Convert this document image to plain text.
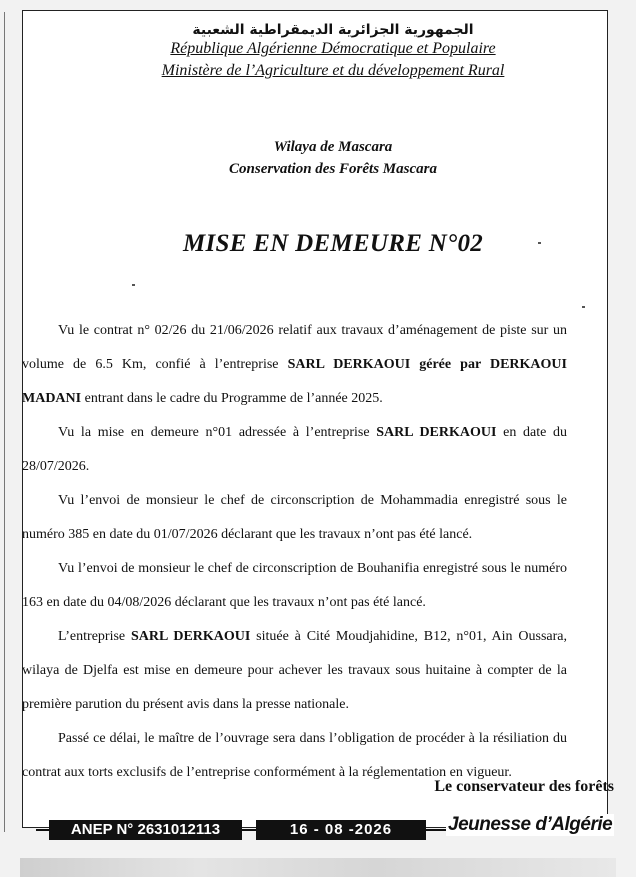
الجمهورية الجزائرية الديمقراطية الشعبية
République Algérienne Démocratique et Populaire
Ministère de l’Agriculture et du développement Rural
Wilaya de Mascara
Conservation des Forêts Mascara
MISE EN DEMEURE N°02

Vu le contrat n° 02/26 du 21/06/2026 relatif aux travaux d’aménagement de piste sur un volume de 6.5 Km, confié à l’entreprise SARL DERKAOUI gérée par DERKAOUI MADANI entrant dans le cadre du Programme de l’année 2025.

Vu la mise en demeure n°01 adressée à l’entreprise SARL DERKAOUI en date du 28/07/2026.

Vu l’envoi de monsieur le chef de circonscription de Mohammadia enregistré sous le numéro 385 en date du 01/07/2026 déclarant que les travaux n’ont pas été lancé.

Vu l’envoi de monsieur le chef de circonscription de Bouhanifia enregistré sous le numéro 163 en date du 04/08/2026 déclarant que les travaux n’ont pas été lancé.

L’entreprise SARL DERKAOUI située à Cité Moudjahidine, B12, n°01, Ain Oussara, wilaya de Djelfa est mise en demeure pour achever les travaux sous huitaine à compter de la première parution du présent avis dans la presse nationale.

Passé ce délai, le maître de l’ouvrage sera dans l’obligation de procéder à la résiliation du contrat aux torts exclusifs de l’entreprise conformément à la réglementation en vigueur.

Le conservateur des forêts
ANEP N° 2631012113	16 - 08 -2026	Jeunesse d’Algérie
